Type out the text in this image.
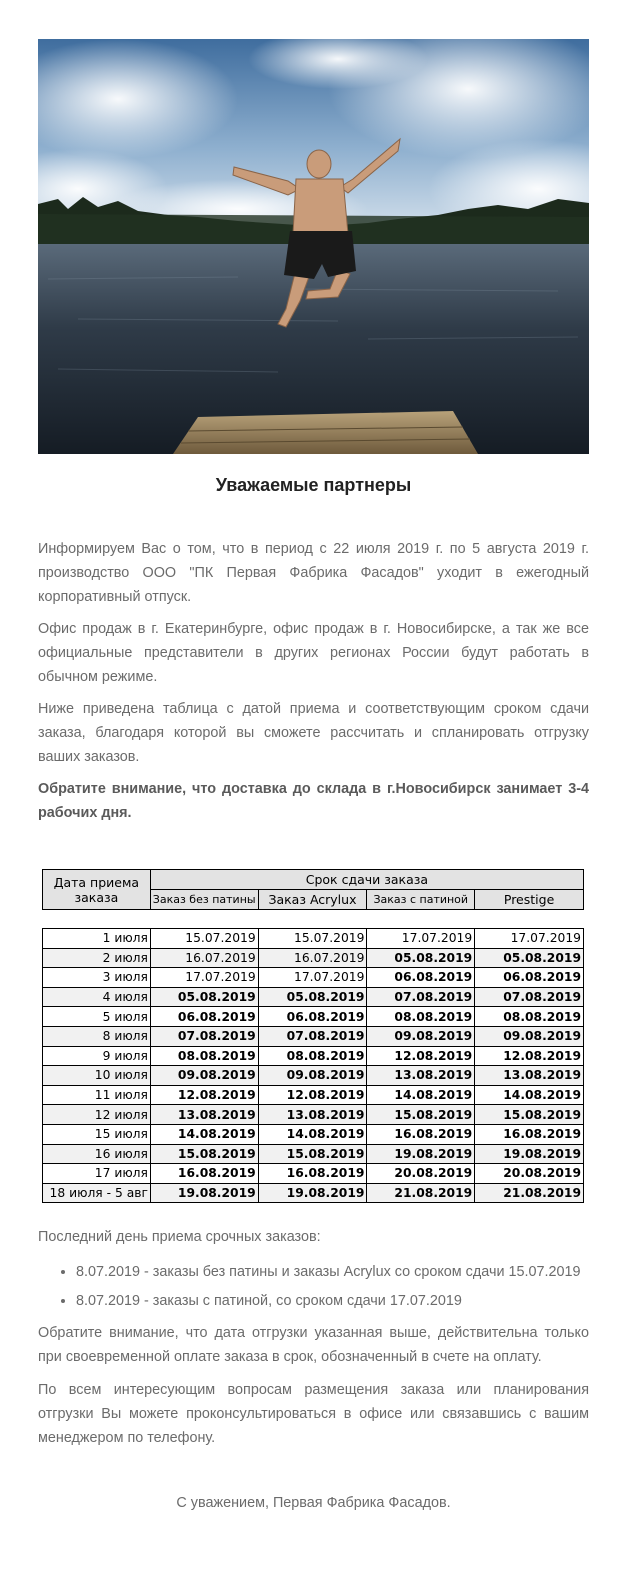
Уважаемые партнеры
Информируем Вас о том, что в период с 22 июля 2019 г. по 5 августа 2019 г. производство ООО "ПК Первая Фабрика Фасадов" уходит в ежегодный корпоративный отпуск.
Офис продаж в г. Екатеринбурге, офис продаж в г. Новосибирске, а так же все официальные представители в других регионах России будут работать в обычном режиме.
Ниже приведена таблица с датой приема и соответствующим сроком сдачи заказа, благодаря которой вы сможете рассчитать и спланировать отгрузку ваших заказов.
Обратите внимание, что доставка до склада в г.Новосибирск занимает 3-4 рабочих дня.
Дата приема заказа	Срок сдачи заказа			
	Заказ без патины	Заказ Acrylux	Заказ с патиной	Prestige
1 июля	15.07.2019	15.07.2019	17.07.2019	17.07.2019
2 июля	16.07.2019	16.07.2019	05.08.2019	05.08.2019
3 июля	17.07.2019	17.07.2019	06.08.2019	06.08.2019
4 июля	05.08.2019	05.08.2019	07.08.2019	07.08.2019
5 июля	06.08.2019	06.08.2019	08.08.2019	08.08.2019
8 июля	07.08.2019	07.08.2019	09.08.2019	09.08.2019
9 июля	08.08.2019	08.08.2019	12.08.2019	12.08.2019
10 июля	09.08.2019	09.08.2019	13.08.2019	13.08.2019
11 июля	12.08.2019	12.08.2019	14.08.2019	14.08.2019
12 июля	13.08.2019	13.08.2019	15.08.2019	15.08.2019
15 июля	14.08.2019	14.08.2019	16.08.2019	16.08.2019
16 июля	15.08.2019	15.08.2019	19.08.2019	19.08.2019
17 июля	16.08.2019	16.08.2019	20.08.2019	20.08.2019
18 июля - 5 авг	19.08.2019	19.08.2019	21.08.2019	21.08.2019
Последний день приема срочных заказов:
• 8.07.2019 - заказы без патины и заказы Acrylux со сроком сдачи 15.07.2019
• 8.07.2019 - заказы с патиной, со сроком сдачи 17.07.2019
Обратите внимание, что дата отгрузки указанная выше, действительна только при своевременной оплате заказа в срок, обозначенный в счете на оплату.
По всем интересующим вопросам размещения заказа или планирования отгрузки Вы можете проконсультироваться в офисе или связавшись с вашим менеджером по телефону.
С уважением, Первая Фабрика Фасадов.
